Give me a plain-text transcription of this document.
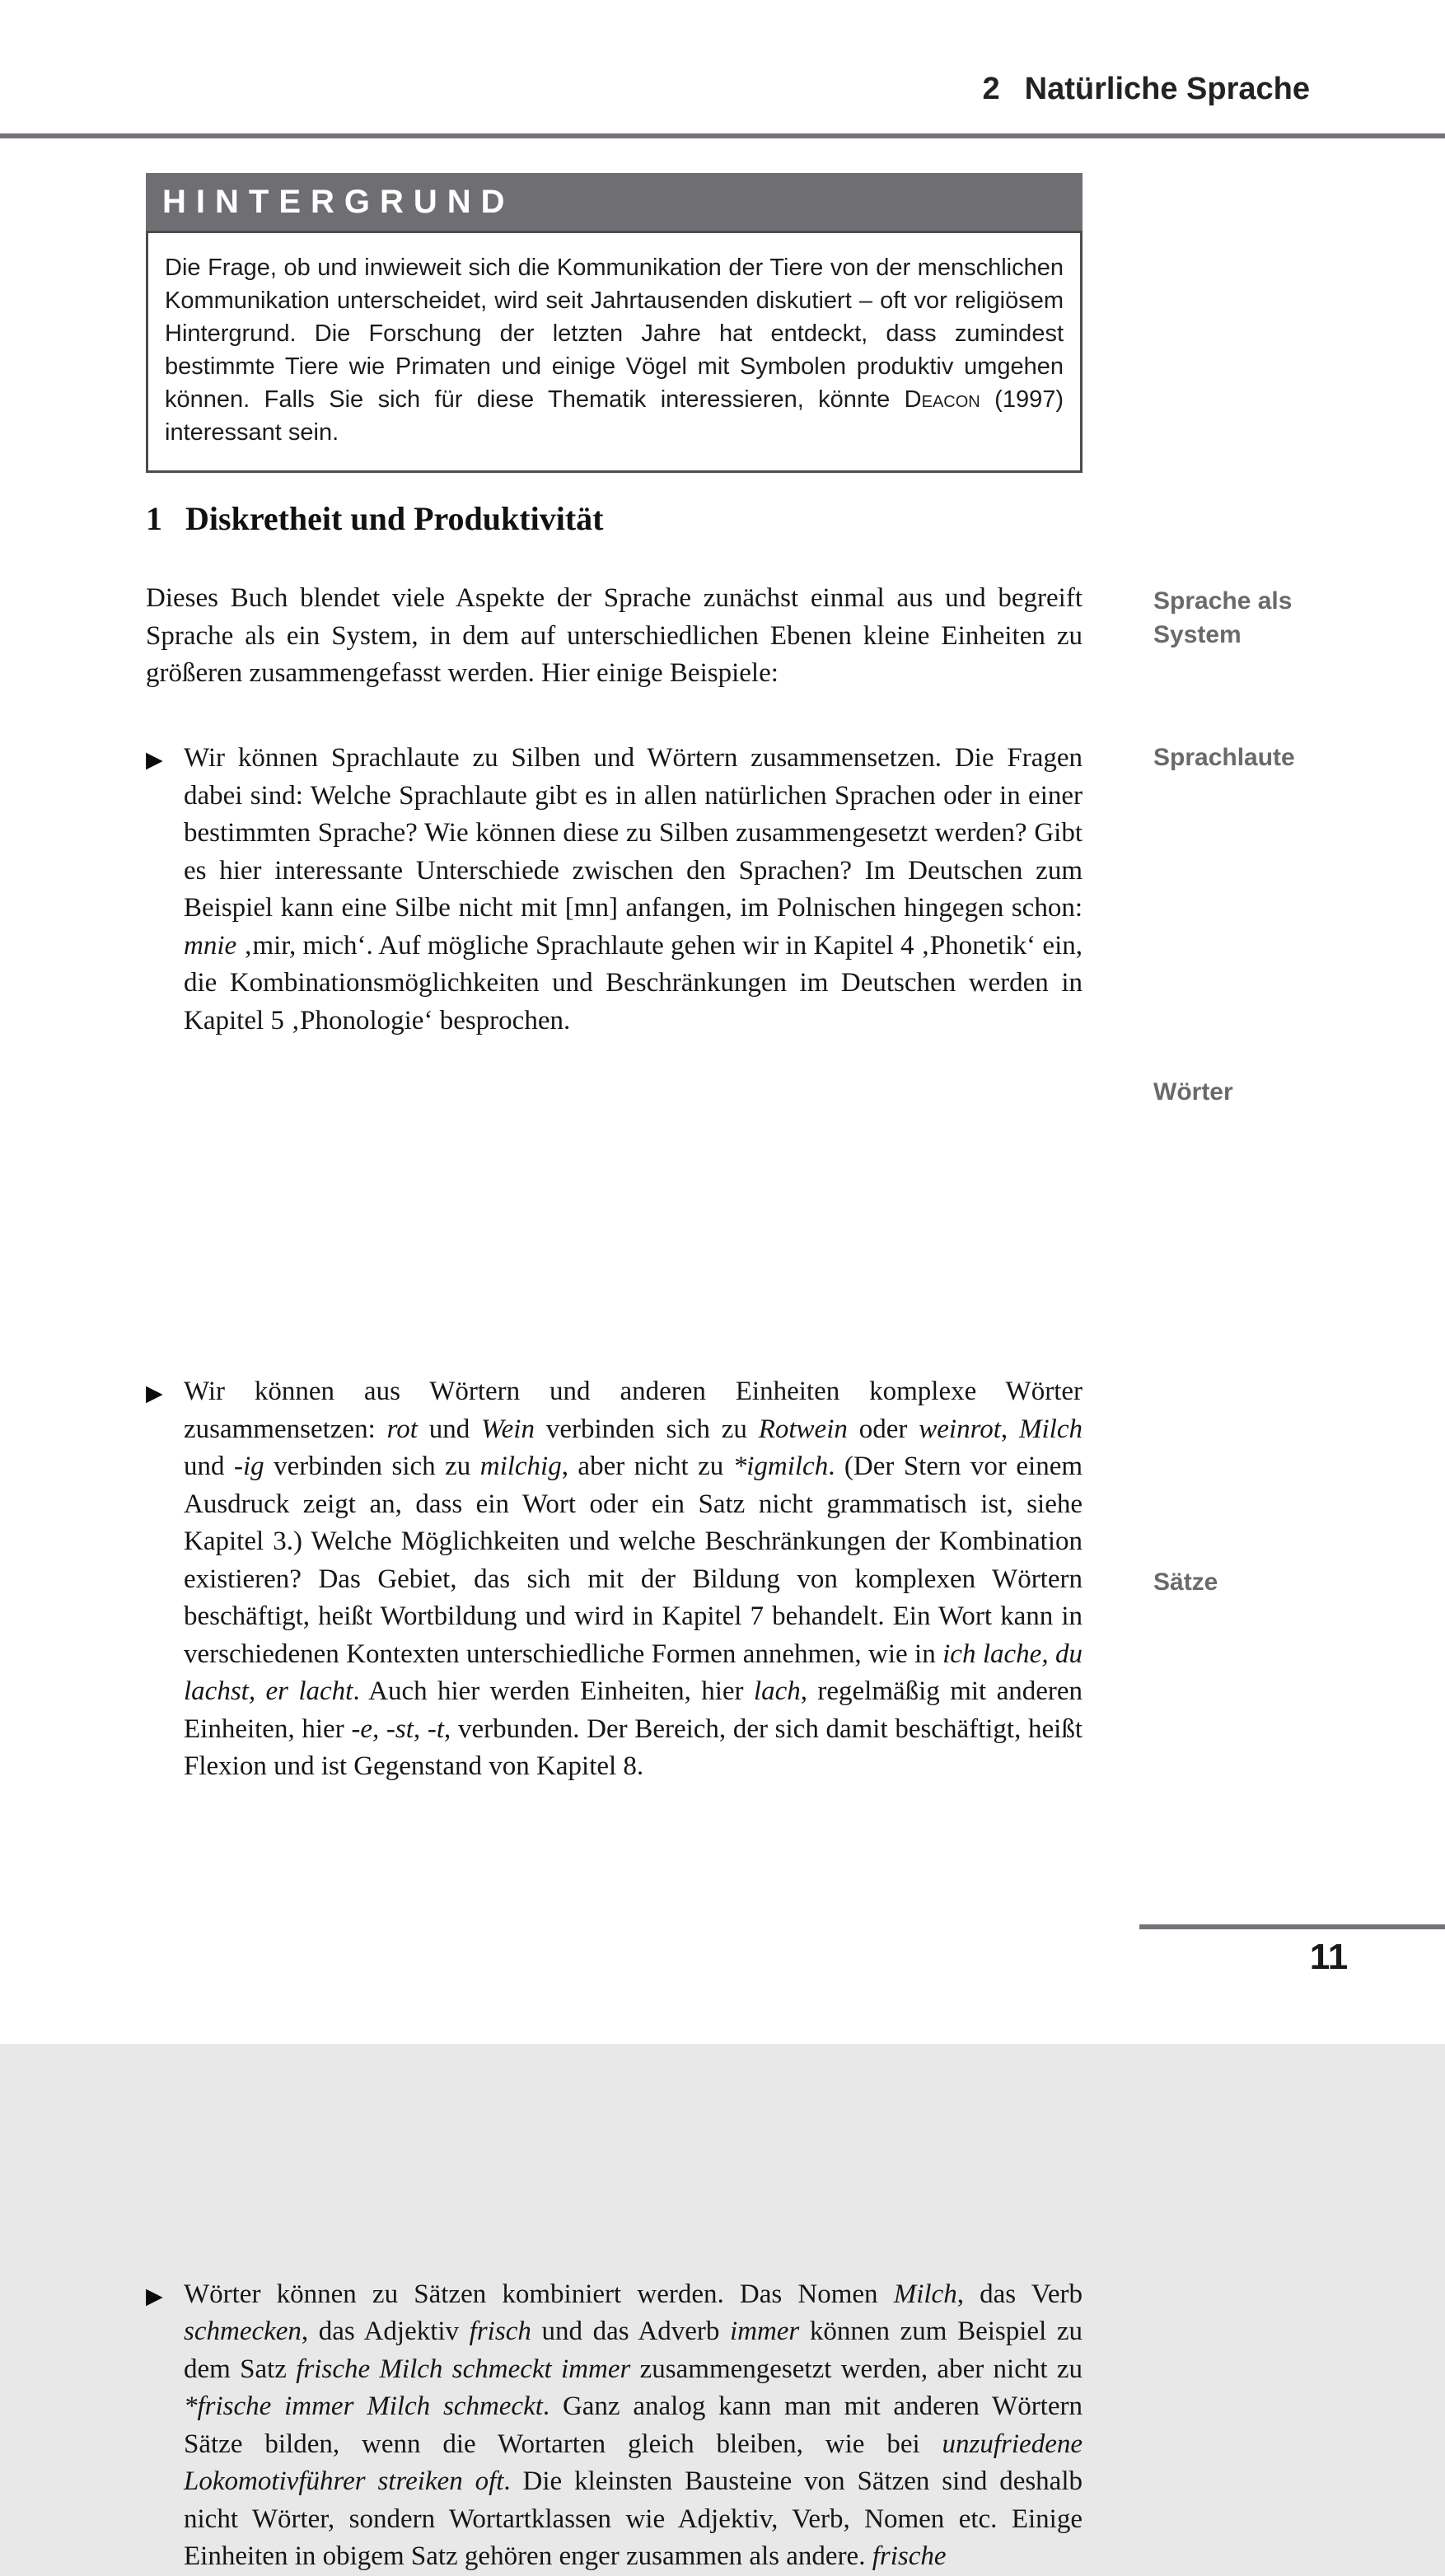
2 Natürliche Sprache
HINTERGRUND
Die Frage, ob und inwieweit sich die Kommunikation der Tiere von der menschlichen Kommunikation unterscheidet, wird seit Jahrtausenden diskutiert – oft vor religiösem Hintergrund. Die Forschung der letzten Jahre hat entdeckt, dass zumindest bestimmte Tiere wie Primaten und einige Vögel mit Symbolen produktiv umgehen können. Falls Sie sich für diese Thematik interessieren, könnte Deacon (1997) interessant sein.
1 Diskretheit und Produktivität
Dieses Buch blendet viele Aspekte der Sprache zunächst einmal aus und begreift Sprache als ein System, in dem auf unterschiedlichen Ebenen kleine Einheiten zu größeren zusammengefasst werden. Hier einige Beispiele:
▶ Wir können Sprachlaute zu Silben und Wörtern zusammensetzen. Die Fragen dabei sind: Welche Sprachlaute gibt es in allen natürlichen Sprachen oder in einer bestimmten Sprache? Wie können diese zu Silben zusammengesetzt werden? Gibt es hier interessante Unterschiede zwischen den Sprachen? Im Deutschen zum Beispiel kann eine Silbe nicht mit [mn] anfangen, im Polnischen hingegen schon: mnie ‚mir, mich‘. Auf mögliche Sprachlaute gehen wir in Kapitel 4 ‚Phonetik‘ ein, die Kombinationsmöglichkeiten und Beschränkungen im Deutschen werden in Kapitel 5 ‚Phonologie‘ besprochen.
▶ Wir können aus Wörtern und anderen Einheiten komplexe Wörter zusammensetzen: rot und Wein verbinden sich zu Rotwein oder weinrot, Milch und -ig verbinden sich zu milchig, aber nicht zu *igmilch. (Der Stern vor einem Ausdruck zeigt an, dass ein Wort oder ein Satz nicht grammatisch ist, siehe Kapitel 3.) Welche Möglichkeiten und welche Beschränkungen der Kombination existieren? Das Gebiet, das sich mit der Bildung von komplexen Wörtern beschäftigt, heißt Wortbildung und wird in Kapitel 7 behandelt. Ein Wort kann in verschiedenen Kontexten unterschiedliche Formen annehmen, wie in ich lache, du lachst, er lacht. Auch hier werden Einheiten, hier lach, regelmäßig mit anderen Einheiten, hier -e, -st, -t, verbunden. Der Bereich, der sich damit beschäftigt, heißt Flexion und ist Gegenstand von Kapitel 8.
▶ Wörter können zu Sätzen kombiniert werden. Das Nomen Milch, das Verb schmecken, das Adjektiv frisch und das Adverb immer können zum Beispiel zu dem Satz frische Milch schmeckt immer zusammengesetzt werden, aber nicht zu *frische immer Milch schmeckt. Ganz analog kann man mit anderen Wörtern Sätze bilden, wenn die Wortarten gleich bleiben, wie bei unzufriedene Lokomotivführer streiken oft. Die kleinsten Bausteine von Sätzen sind deshalb nicht Wörter, sondern Wortartklassen wie Adjektiv, Verb, Nomen etc. Einige Einheiten in obigem Satz gehören enger zusammen als andere. frische
Sprache als System
Sprachlaute
Wörter
Sätze
11
